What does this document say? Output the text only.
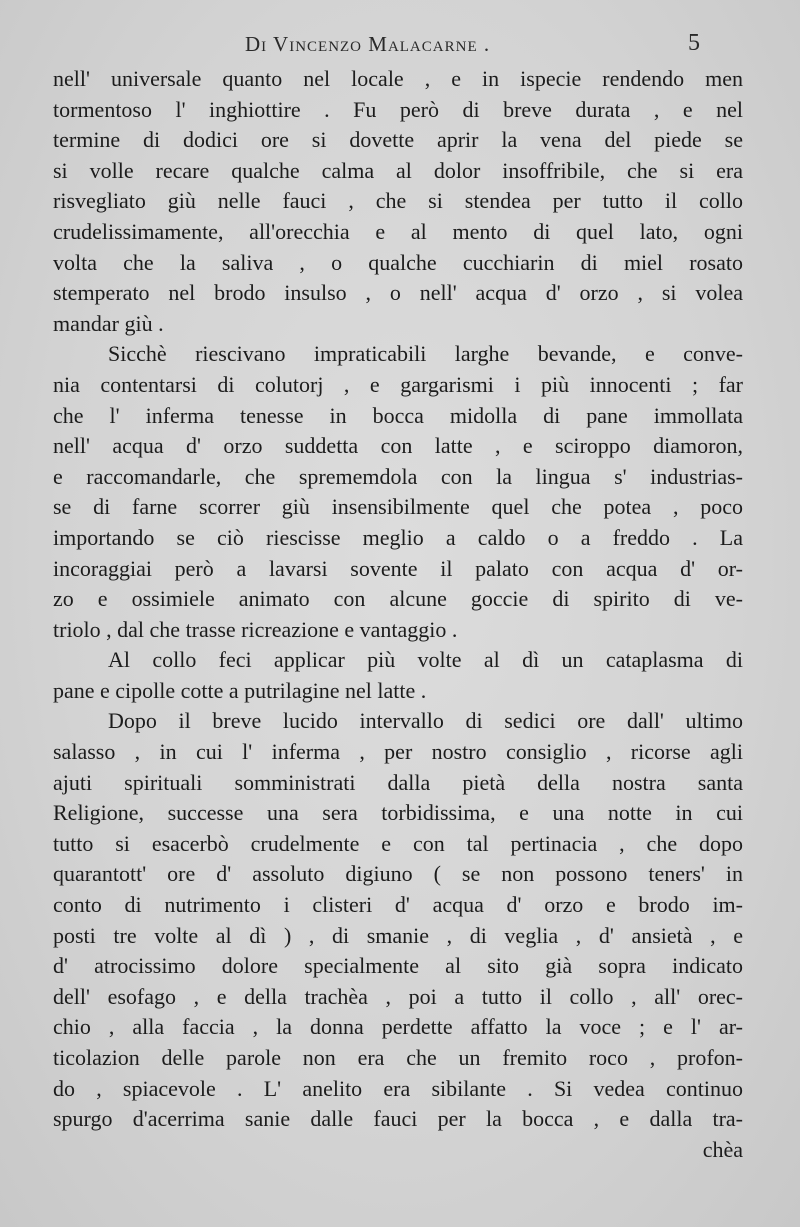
Di Vincenzo Malacarne .	5
nell' universale quanto nel locale , e in ispecie rendendo men
tormentoso l' inghiottire . Fu però di breve durata , e nel
termine di dodici ore si dovette aprir la vena del piede se
si volle recare qualche calma al dolor insoffribile, che si era
risvegliato giù nelle fauci , che si stendea per tutto il collo
crudelissimamente, all'orecchia e al mento di quel lato, ogni
volta che la saliva , o qualche cucchiarin di miel rosato
stemperato nel brodo insulso , o nell' acqua d' orzo , si volea
mandar giù .
Sicchè riescivano impraticabili larghe bevande, e conve-
nia contentarsi di colutorj , e gargarismi i più innocenti ; far
che l' inferma tenesse in bocca midolla di pane immollata
nell' acqua d' orzo suddetta con latte , e sciroppo diamoron,
e raccomandarle, che sprememdola con la lingua s' industrias-
se di farne scorrer giù insensibilmente quel che potea , poco
importando se ciò riescisse meglio a caldo o a freddo . La
incoraggiai però a lavarsi sovente il palato con acqua d' or-
zo e ossimiele animato con alcune goccie di spirito di ve-
triolo , dal che trasse ricreazione e vantaggio .
Al collo feci applicar più volte al dì un cataplasma di
pane e cipolle cotte a putrilagine nel latte .
Dopo il breve lucido intervallo di sedici ore dall' ultimo
salasso , in cui l' inferma , per nostro consiglio , ricorse agli
ajuti spirituali somministrati dalla pietà della nostra santa
Religione, successe una sera torbidissima, e una notte in cui
tutto si esacerbò crudelmente e con tal pertinacia , che dopo
quarantott' ore d' assoluto digiuno ( se non possono teners' in
conto di nutrimento i clisteri d' acqua d' orzo e brodo im-
posti tre volte al dì ) , di smanie , di veglia , d' ansietà , e
d' atrocissimo dolore specialmente al sito già sopra indicato
dell' esofago , e della trachèa , poi a tutto il collo , all' orec-
chio , alla faccia , la donna perdette affatto la voce ; e l' ar-
ticolazion delle parole non era che un fremito roco , profon-
do , spiacevole . L' anelito era sibilante . Si vedea continuo
spurgo d'acerrima sanie dalle fauci per la bocca , e dalla tra-
chèa
